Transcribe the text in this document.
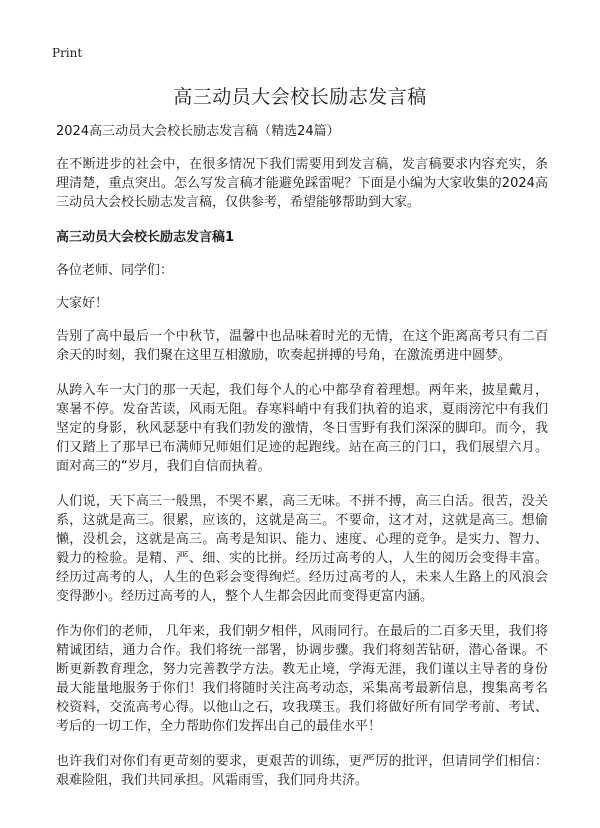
Print
高三动员大会校长励志发言稿

2024高三动员大会校长励志发言稿（精选24篇）

在不断进步的社会中，在很多情况下我们需要用到发言稿，发言稿要求内容充实，条理清楚，重点突出。怎么写发言稿才能避免踩雷呢？下面是小编为大家收集的2024高三动员大会校长励志发言稿，仅供参考，希望能够帮助到大家。

高三动员大会校长励志发言稿1

各位老师、同学们：

大家好！

告别了高中最后一个中秋节，温馨中也品味着时光的无情，在这个距离高考只有二百余天的时刻，我们聚在这里互相激励，吹奏起拼搏的号角，在激流勇进中圆梦。

从跨入车一大门的那一天起，我们每个人的心中都孕育着理想。两年来，披星戴月，寒暑不停。发奋苦读，风雨无阻。春寒料峭中有我们执着的追求，夏雨滂沱中有我们坚定的身影，秋风瑟瑟中有我们勃发的激情，冬日雪野有我们深深的脚印。而今，我们又踏上了那早已布满师兄师姐们足迹的起跑线。站在高三的门口，我们展望六月。面对高三的“岁月，我们自信而执着。

人们说，天下高三一般黑，不哭不累，高三无味。不拼不搏，高三白活。很苦，没关系，这就是高三。很累，应该的，这就是高三。不要命，这才对，这就是高三。想偷懒，没机会，这就是高三。高考是知识、能力、速度、心理的竞争。是实力、智力、毅力的检验。是精、严、细、实的比拼。经历过高考的人，人生的阅历会变得丰富。经历过高考的人，人生的色彩会变得绚烂。经历过高考的人，未来人生路上的风浪会变得渺小。经历过高考的人，整个人生都会因此而变得更富内涵。

作为你们的老师， 几年来，我们朝夕相伴，风雨同行。在最后的二百多天里，我们将精诚团结，通力合作。我们将统一部署，协调步骤。我们将刻苦钻研，潜心备课。不断更新教育理念，努力完善教学方法。教无止境，学海无涯，我们谨以主导者的身份最大能量地服务于你们！我们将随时关注高考动态，采集高考最新信息，搜集高考名校资料，交流高考心得。以他山之石，攻我璞玉。我们将做好所有同学考前、考试、考后的一切工作，全力帮助你们发挥出自己的最佳水平！

也许我们对你们有更苛刻的要求，更艰苦的训练，更严厉的批评，但请同学们相信：艰难险阻，我们共同承担。风霜雨雪，我们同舟共济。
